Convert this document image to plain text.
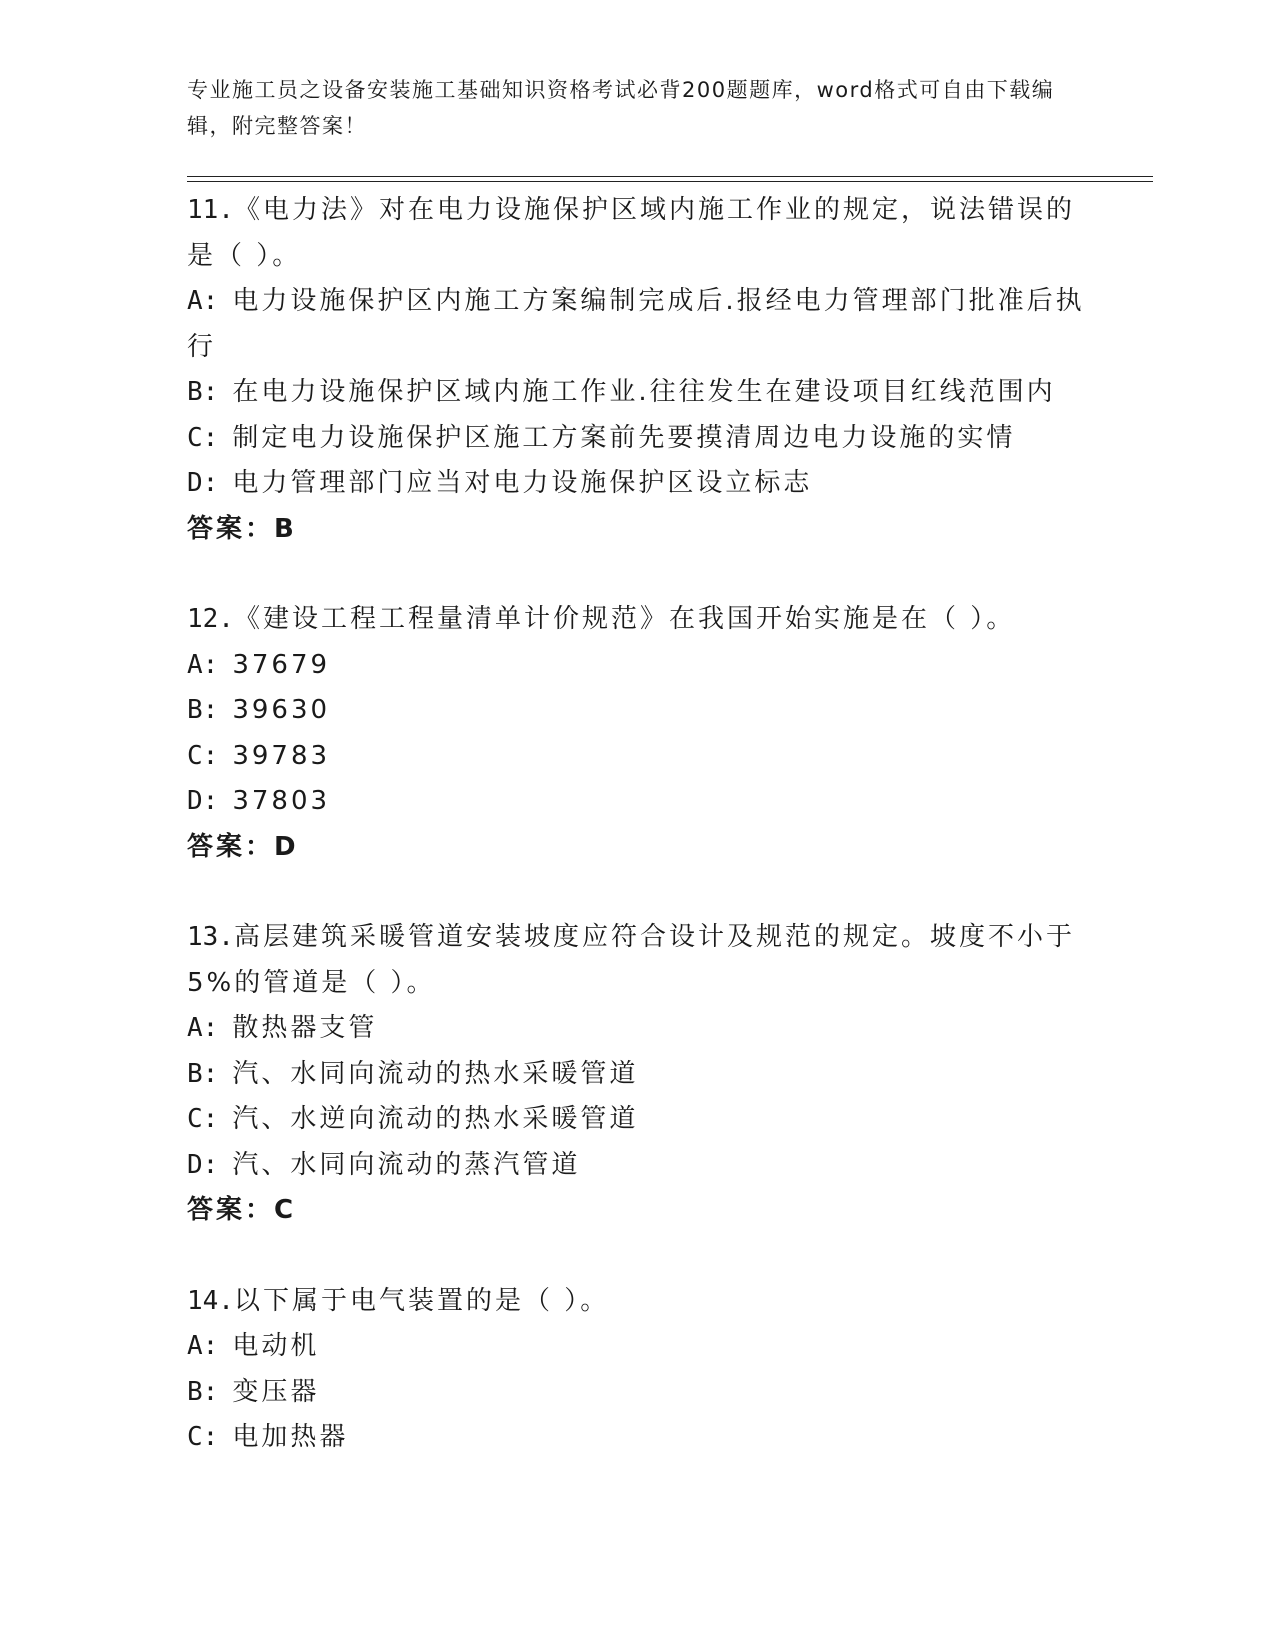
专业施工员之设备安装施工基础知识资格考试必背200题题库，word格式可自由下载编辑，附完整答案！

11.《电力法》对在电力设施保护区域内施工作业的规定，说法错误的是（ ）。

A: 电力设施保护区内施工方案编制完成后.报经电力管理部门批准后执行

B: 在电力设施保护区域内施工作业.往往发生在建设项目红线范围内

C: 制定电力设施保护区施工方案前先要摸清周边电力设施的实情

D: 电力管理部门应当对电力设施保护区设立标志

答案：B

12.《建设工程工程量清单计价规范》在我国开始实施是在（ ）。

A: 37679

B: 39630

C: 39783

D: 37803

答案：D

13.高层建筑采暖管道安装坡度应符合设计及规范的规定。坡度不小于5%的管道是（ ）。

A: 散热器支管

B: 汽、水同向流动的热水采暖管道

C: 汽、水逆向流动的热水采暖管道

D: 汽、水同向流动的蒸汽管道

答案：C

14.以下属于电气装置的是（ ）。

A: 电动机

B: 变压器

C: 电加热器
